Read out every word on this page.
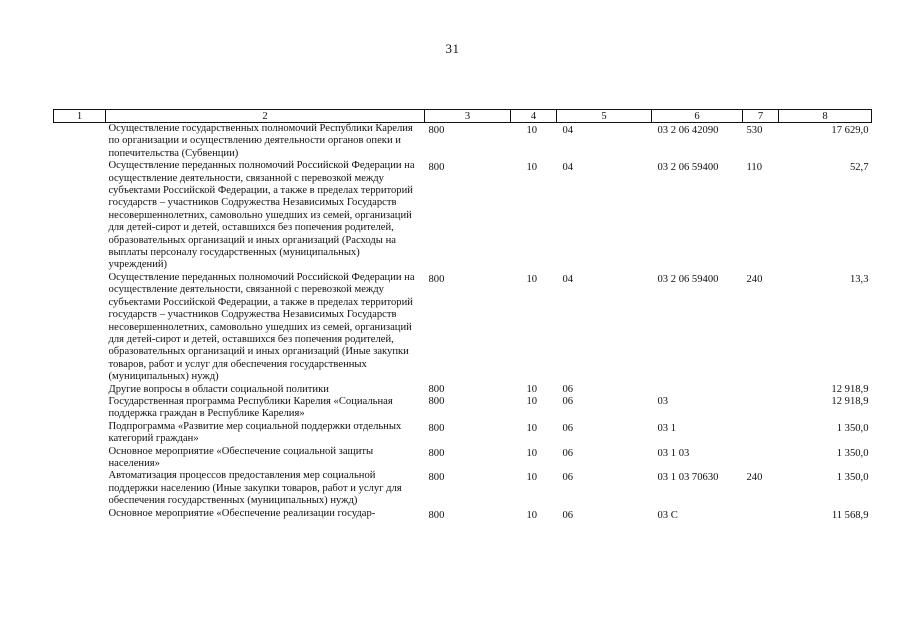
31
1	2	3	4	5	6	7	8
	Осуществление государственных полномочий Республики Карелия по организации и осуществлению деятельности органов опеки и попечительства (Субвенции)	800	10	04	03 2 06 42090	530	17 629,0
	Осуществление переданных полномочий Российской Федерации на осуществление деятельности, связанной с перевозкой между субъектами Российской Федерации, а также в пределах территорий государств – участников Содружества Независимых Государств несовершеннолетних, самовольно ушедших из семей, организаций для детей-сирот и детей, оставшихся без попечения родителей, образовательных организаций и иных организаций (Расходы на выплаты персоналу государственных (муниципальных) учреждений)	800	10	04	03 2 06 59400	110	52,7
	Осуществление переданных полномочий Российской Федерации на осуществление деятельности, связанной с перевозкой между субъектами Российской Федерации, а также в пределах территорий государств – участников Содружества Независимых Государств несовершеннолетних, самовольно ушедших из семей, организаций для детей-сирот и детей, оставшихся без попечения родителей, образовательных организаций и иных организаций (Иные закупки товаров, работ и услуг для обеспечения государственных (муниципальных) нужд)	800	10	04	03 2 06 59400	240	13,3
	Другие вопросы в области социальной политики	800	10	06			12 918,9
	Государственная программа Республики Карелия «Социальная поддержка граждан в Республике Карелия»	800	10	06	03		12 918,9
	Подпрограмма «Развитие мер социальной поддержки отдельных категорий граждан»	800	10	06	03 1		1 350,0
	Основное мероприятие «Обеспечение социальной защиты населения»	800	10	06	03 1 03		1 350,0
	Автоматизация процессов предоставления мер социальной поддержки населению (Иные закупки товаров, работ и услуг для обеспечения государственных (муниципальных) нужд)	800	10	06	03 1 03 70630	240	1 350,0
	Основное мероприятие «Обеспечение реализации государ-	800	10	06	03 С		11 568,9
